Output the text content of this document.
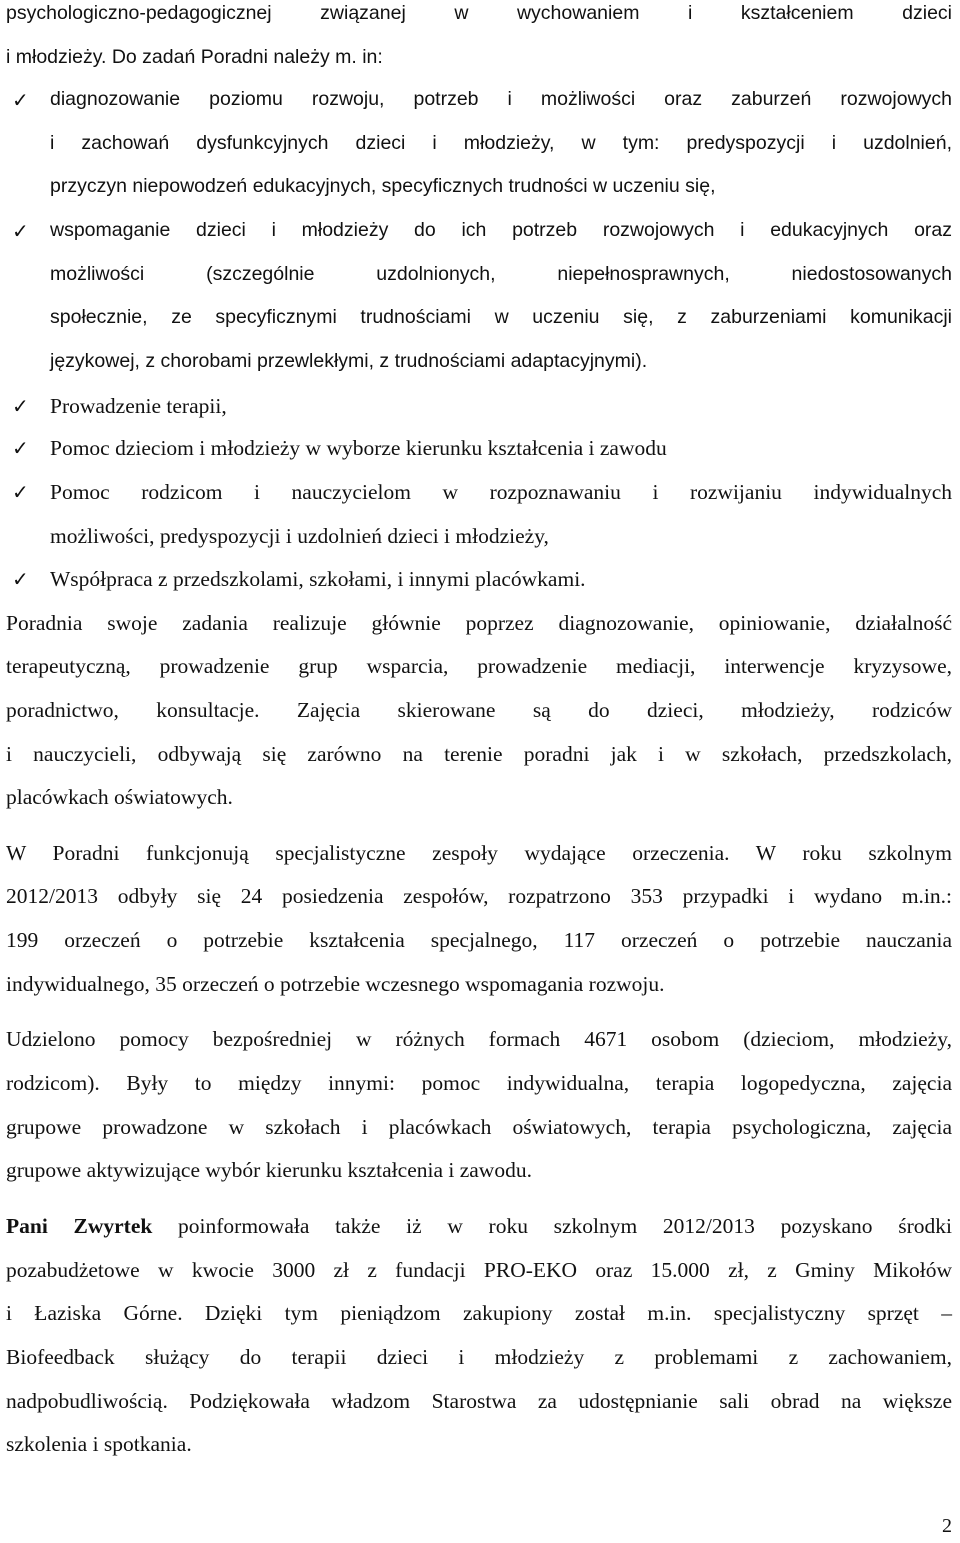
psychologiczno-pedagogicznej związanej w wychowaniem i kształceniem dzieci
i młodzieży. Do zadań Poradni należy m. in:
✓ diagnozowanie poziomu rozwoju, potrzeb i możliwości oraz zaburzeń rozwojowych
i zachowań dysfunkcyjnych dzieci i młodzieży, w tym: predyspozycji i uzdolnień,
przyczyn niepowodzeń edukacyjnych, specyficznych trudności w uczeniu się,
✓ wspomaganie dzieci i młodzieży do ich potrzeb rozwojowych i edukacyjnych oraz
możliwości (szczególnie uzdolnionych, niepełnosprawnych, niedostosowanych
społecznie, ze specyficznymi trudnościami w uczeniu się, z zaburzeniami komunikacji
językowej, z chorobami przewlekłymi, z trudnościami adaptacyjnymi).
✓ Prowadzenie terapii,
✓ Pomoc dzieciom i młodzieży w wyborze kierunku kształcenia i zawodu
✓ Pomoc rodzicom i nauczycielom w rozpoznawaniu i rozwijaniu indywidualnych
możliwości, predyspozycji i uzdolnień dzieci i młodzieży,
✓ Współpraca z przedszkolami, szkołami, i innymi placówkami.
Poradnia swoje zadania realizuje głównie poprzez diagnozowanie, opiniowanie, działalność
terapeutyczną, prowadzenie grup wsparcia, prowadzenie mediacji, interwencje kryzysowe,
poradnictwo, konsultacje. Zajęcia skierowane są do dzieci, młodzieży, rodziców
i nauczycieli, odbywają się zarówno na terenie poradni jak i w szkołach, przedszkolach,
placówkach oświatowych.
W Poradni funkcjonują specjalistyczne zespoły wydające orzeczenia. W roku szkolnym
2012/2013 odbyły się 24 posiedzenia zespołów, rozpatrzono 353 przypadki i wydano m.in.:
199 orzeczeń o potrzebie kształcenia specjalnego, 117 orzeczeń o potrzebie nauczania
indywidualnego, 35 orzeczeń o potrzebie wczesnego wspomagania rozwoju.
Udzielono pomocy bezpośredniej w różnych formach 4671 osobom (dzieciom, młodzieży,
rodzicom). Były to między innymi: pomoc indywidualna, terapia logopedyczna, zajęcia
grupowe prowadzone w szkołach i placówkach oświatowych, terapia psychologiczna, zajęcia
grupowe aktywizujące wybór kierunku kształcenia i zawodu.
Pani Zwyrtek poinformowała także iż w roku szkolnym 2012/2013 pozyskano środki
pozabudżetowe w kwocie 3000 zł z fundacji PRO-EKO oraz 15.000 zł, z Gminy Mikołów
i Łaziska Górne. Dzięki tym pieniądzom zakupiony został m.in. specjalistyczny sprzęt –
Biofeedback służący do terapii dzieci i młodzieży z problemami z zachowaniem,
nadpobudliwością. Podziękowała władzom Starostwa za udostępnianie sali obrad na większe
szkolenia i spotkania.
2
